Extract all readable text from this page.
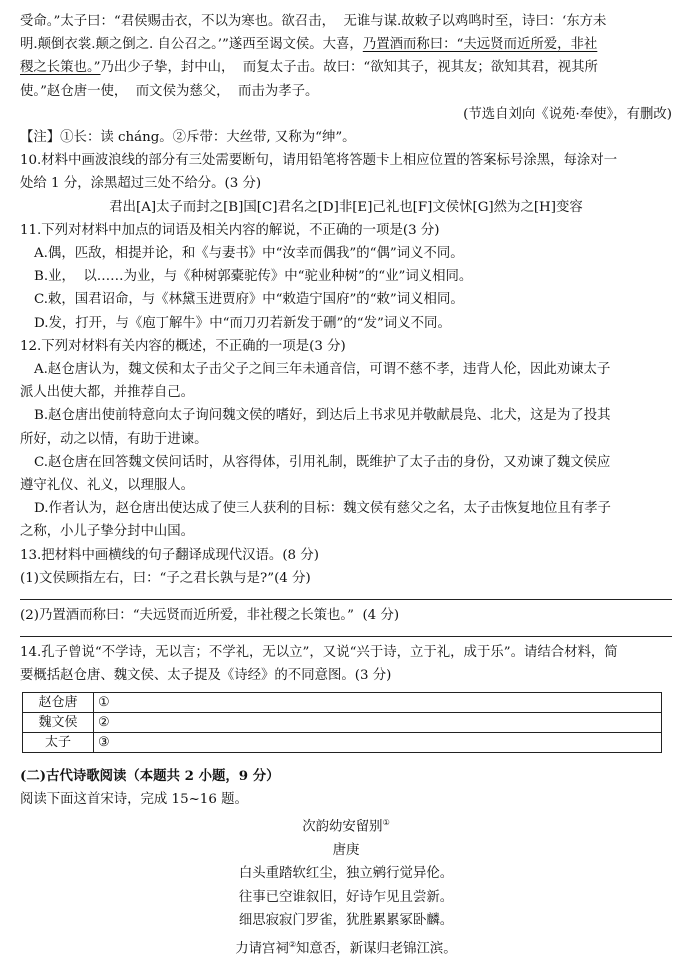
受命。”太子曰：“君侯赐击衣，不以为寒也。欲召击，  无谁与谋.故敕子以鸡鸣时至，诗曰：‘东方未

明.颠倒衣裳.颠之倒之. 自公召之。’”遂西至谒文侯。大喜，乃置酒而称曰：“夫远贤而近所爱，非社

稷之长策也。”乃出少子挚，封中山，  而复太子击。故曰：“欲知其子，视其友；欲知其君，视其所

使。”赵仓唐一使，  而文侯为慈父，  而击为孝子。

(节选自刘向《说苑·奉使》，有删改)

【注】①长：读 cháng。②斥带：大丝带, 又称为“绅”。

10.材料中画波浪线的部分有三处需要断句，请用铅笔将答题卡上相应位置的答案标号涂黑，每涂对一

处给 1 分，涂黑超过三处不给分。(3 分)

君出[A]太子而封之[B]国[C]君名之[D]非[E]己礼也[F]文侯怵[G]然为之[H]变容

11.下列对材料中加点的词语及相关内容的解说，不正确的一项是(3 分)

A.偶，匹敌，相提并论，和《与妻书》中“汝幸而偶我”的“偶”词义不同。

B.业，  以……为业，与《种树郭橐驼传》中“驼业种树”的“业”词义相同。

C.敕，国君诏命，与《林黛玉进贾府》中“敕造宁国府”的“敕”词义相同。

D.发，打开，与《庖丁解牛》中“而刀刃若新发于硎”的“发”词义不同。

12.下列对材料有关内容的概述，不正确的一项是(3 分)

A.赵仓唐认为，魏文侯和太子击父子之间三年未通音信，可谓不慈不孝，违背人伦，因此劝谏太子

派人出使大都，并推荐自己。

B.赵仓唐出使前特意向太子询问魏文侯的嗜好，到达后上书求见并敬献晨凫、北犬，这是为了投其

所好，动之以情，有助于进谏。

C.赵仓唐在回答魏文侯问话时，从容得体，引用礼制，既维护了太子击的身份，又劝谏了魏文侯应

遵守礼仪、礼义，以理服人。

D.作者认为，赵仓唐出使达成了使三人获利的目标：魏文侯有慈父之名，太子击恢复地位且有孝子

之称，小儿子挚分封中山国。

13.把材料中画横线的句子翻译成现代汉语。(8 分)

(1)文侯顾指左右，曰：“子之君长孰与是?”(4 分)

(2)乃置酒而称曰：“夫远贤而近所爱，非社稷之长策也。”  (4 分)

14.孔子曾说“不学诗，无以言；不学礼，无以立”，又说“兴于诗，立于礼，成于乐”。请结合材料，简

要概括赵仓唐、魏文侯、太子提及《诗经》的不同意图。(3 分)

赵仓唐	①
魏文侯	②
太子	③

(二)古代诗歌阅读（本题共 2 小题，9 分）

阅读下面这首宋诗，完成 15~16 题。

次韵幼安留别①

唐庚

白头重踏软红尘，独立鹓行觉异伦。

往事已空谁叙旧，好诗乍见且尝新。

细思寂寂门罗雀，犹胜累累冢卧麟。

力请宫祠②知意否，新谋归老锦江滨。
